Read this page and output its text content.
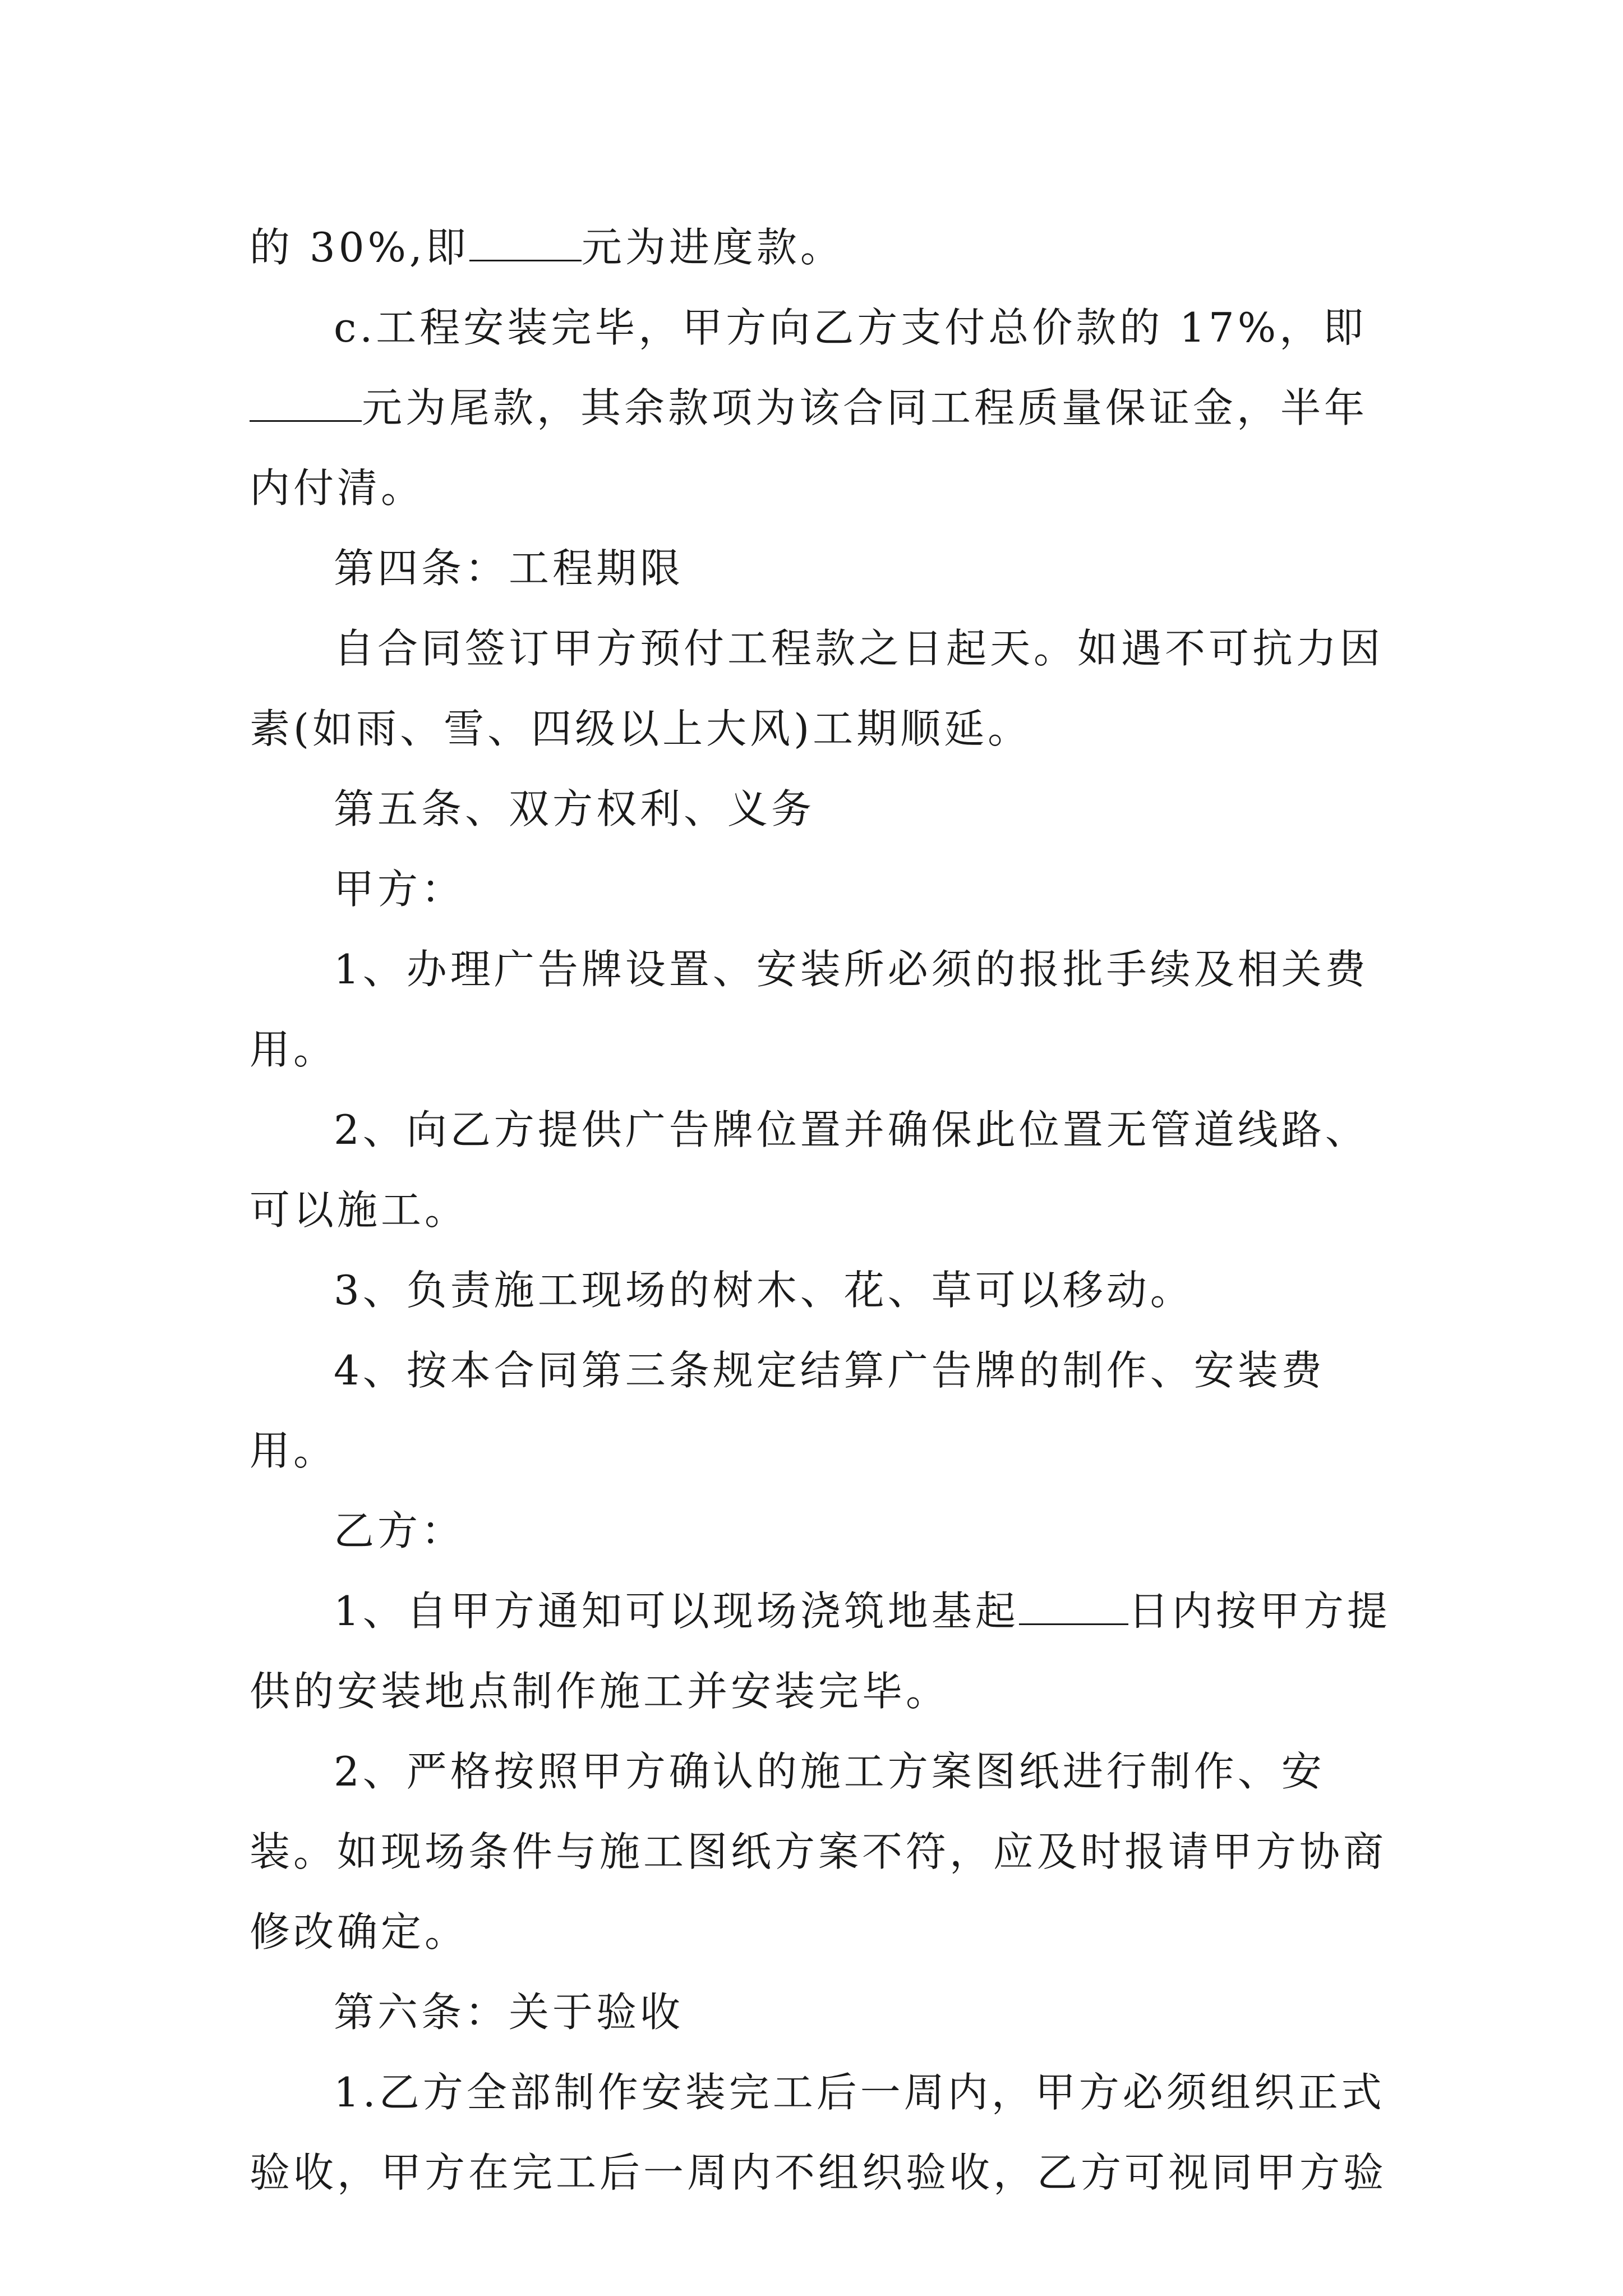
的 30%,即	元为进度款。

c.工程安装完毕，甲方向乙方支付总价款的 17%，即元为尾款，其余款项为该合同工程质量保证金，半年内付清。

第四条：工程期限

自合同签订甲方预付工程款之日起天。如遇不可抗力因素(如雨、雪、四级以上大风)工期顺延。

第五条、双方权利、义务

甲方：

1、办理广告牌设置、安装所必须的报批手续及相关费用。

2、向乙方提供广告牌位置并确保此位置无管道线路、可以施工。

3、负责施工现场的树木、花、草可以移动。

4、按本合同第三条规定结算广告牌的制作、安装费用。

乙方：

1、自甲方通知可以现场浇筑地基起	日内按甲方提供的安装地点制作施工并安装完毕。

2、严格按照甲方确认的施工方案图纸进行制作、安装。如现场条件与施工图纸方案不符，应及时报请甲方协商修改确定。

第六条：关于验收

1.乙方全部制作安装完工后一周内，甲方必须组织正式验收，甲方在完工后一周内不组织验收，乙方可视同甲方验
